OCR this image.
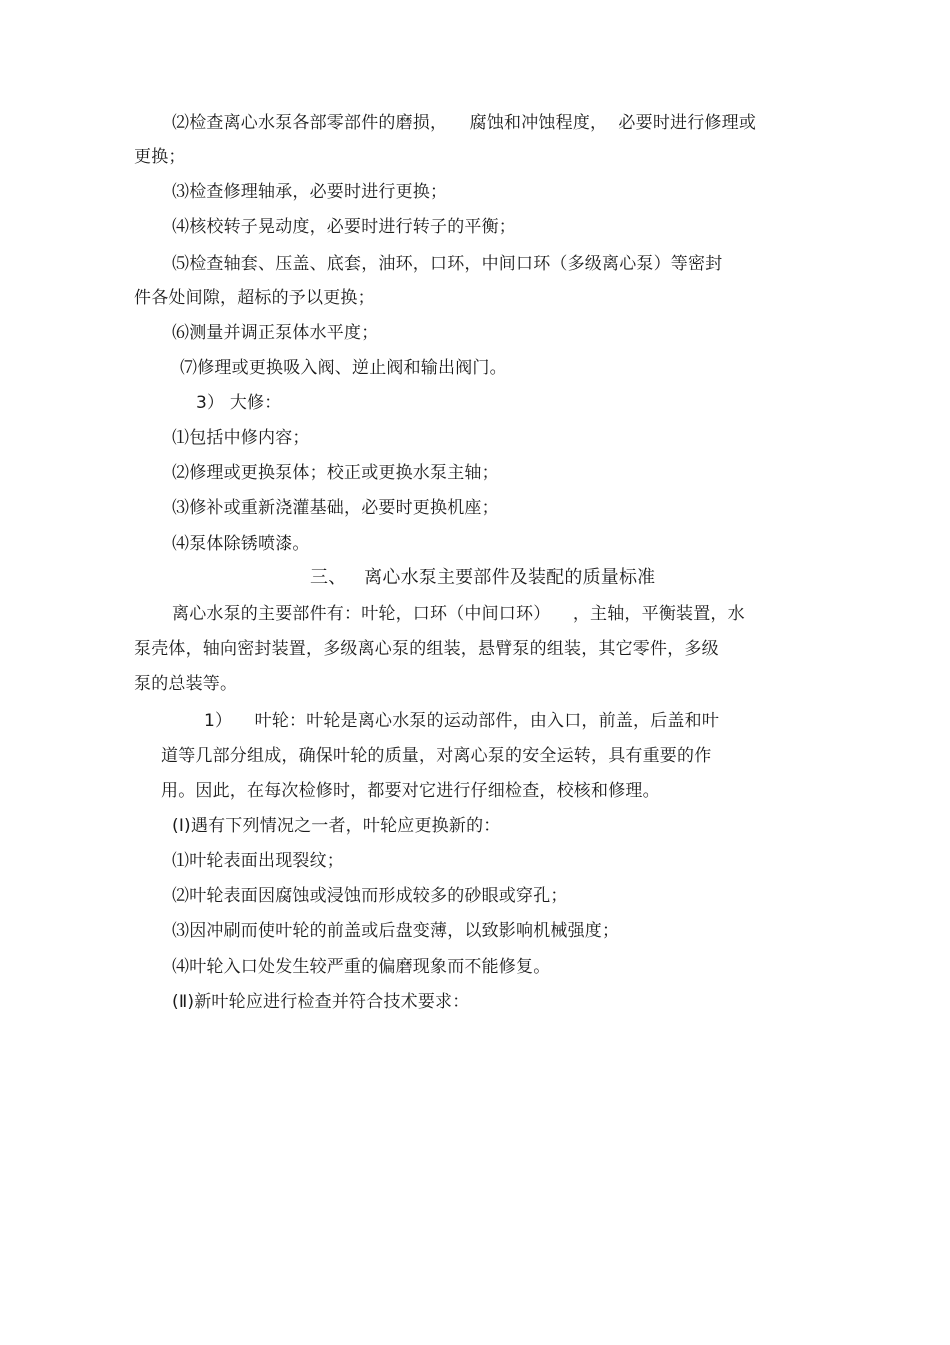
⑵检查离心水泵各部零部件的磨损，    腐蚀和冲蚀程度，  必要时进行修理或
更换；
⑶检查修理轴承，必要时进行更换；
⑷核校转子晃动度，必要时进行转子的平衡；
⑸检查轴套、压盖、底套，油环，口环，中间口环（多级离心泵）等密封
件各处间隙，超标的予以更换；
⑹测量并调正泵体水平度；
⑺修理或更换吸入阀、逆止阀和输出阀门。
3） 大修：
⑴包括中修内容；
⑵修理或更换泵体；校正或更换水泵主轴；
⑶修补或重新浇灌基础，必要时更换机座；
⑷泵体除锈喷漆。
三、   离心水泵主要部件及装配的质量标准
离心水泵的主要部件有：叶轮，口环（中间口环）    ，主轴，平衡装置，水
泵壳体，轴向密封装置，多级离心泵的组装，悬臂泵的组装，其它零件，多级
泵的总装等。
1）    叶轮：叶轮是离心水泵的运动部件，由入口，前盖，后盖和叶
道等几部分组成，确保叶轮的质量，对离心泵的安全运转，具有重要的作
用。因此，在每次检修时，都要对它进行仔细检查，校核和修理。
(Ⅰ)遇有下列情况之一者，叶轮应更换新的：
⑴叶轮表面出现裂纹；
⑵叶轮表面因腐蚀或浸蚀而形成较多的砂眼或穿孔；
⑶因冲刷而使叶轮的前盖或后盘变薄，以致影响机械强度；
⑷叶轮入口处发生较严重的偏磨现象而不能修复。
(Ⅱ)新叶轮应进行检查并符合技术要求：
